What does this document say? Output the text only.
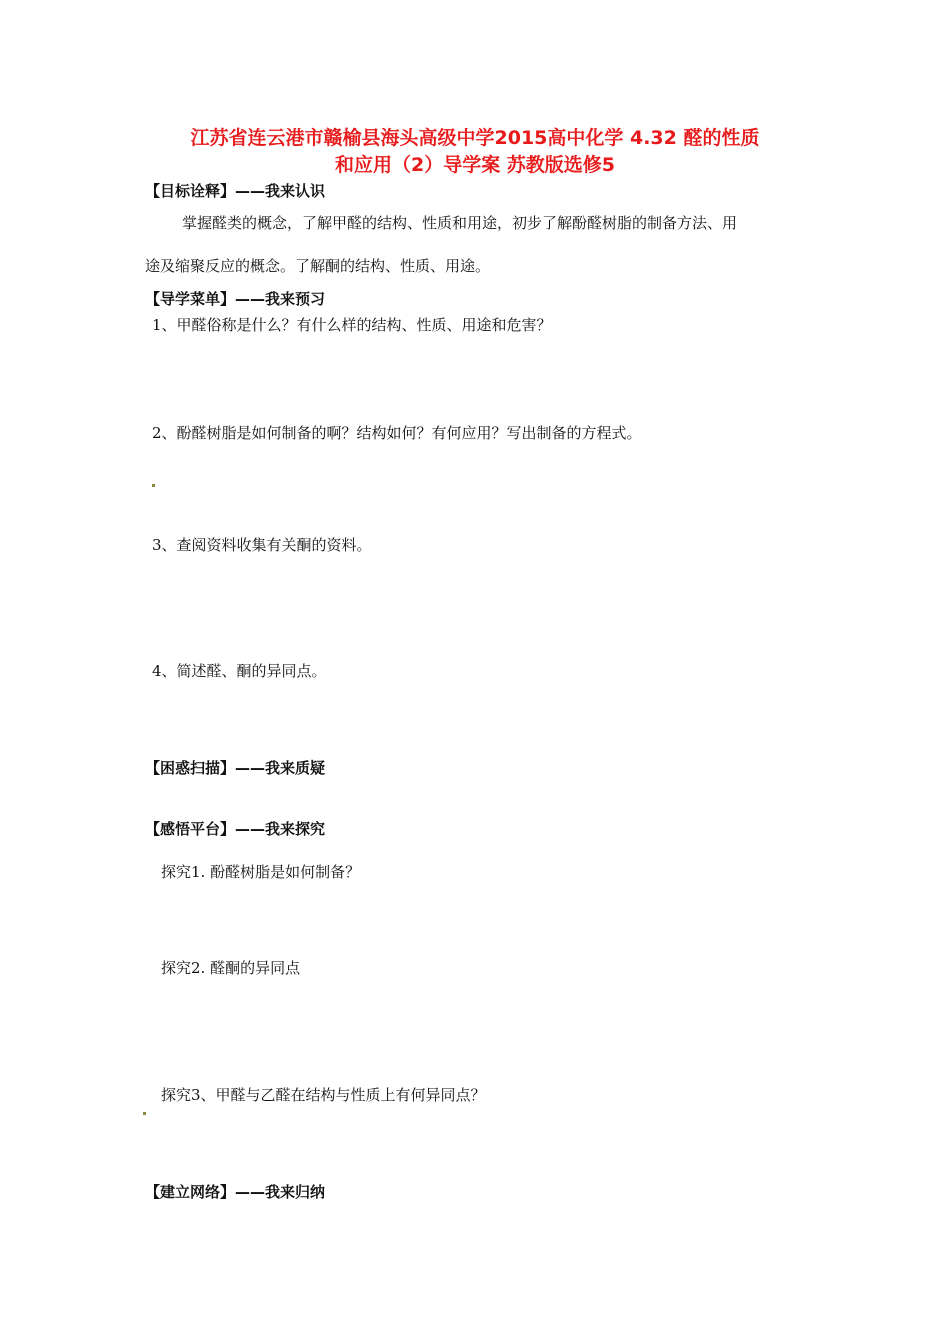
江苏省连云港市赣榆县海头高级中学2015高中化学 4.32 醛的性质
和应用（2）导学案 苏教版选修5
【目标诠释】——我来认识
掌握醛类的概念，了解甲醛的结构、性质和用途，初步了解酚醛树脂的制备方法、用
途及缩聚反应的概念。了解酮的结构、性质、用途。
【导学菜单】——我来预习
1、甲醛俗称是什么？有什么样的结构、性质、用途和危害？
2、酚醛树脂是如何制备的啊？结构如何？有何应用？写出制备的方程式。
3、查阅资料收集有关酮的资料。
4、简述醛、酮的异同点。
【困惑扫描】——我来质疑
【感悟平台】——我来探究
探究1. 酚醛树脂是如何制备？
探究2. 醛酮的异同点
探究3、甲醛与乙醛在结构与性质上有何异同点？
【建立网络】——我来归纳
